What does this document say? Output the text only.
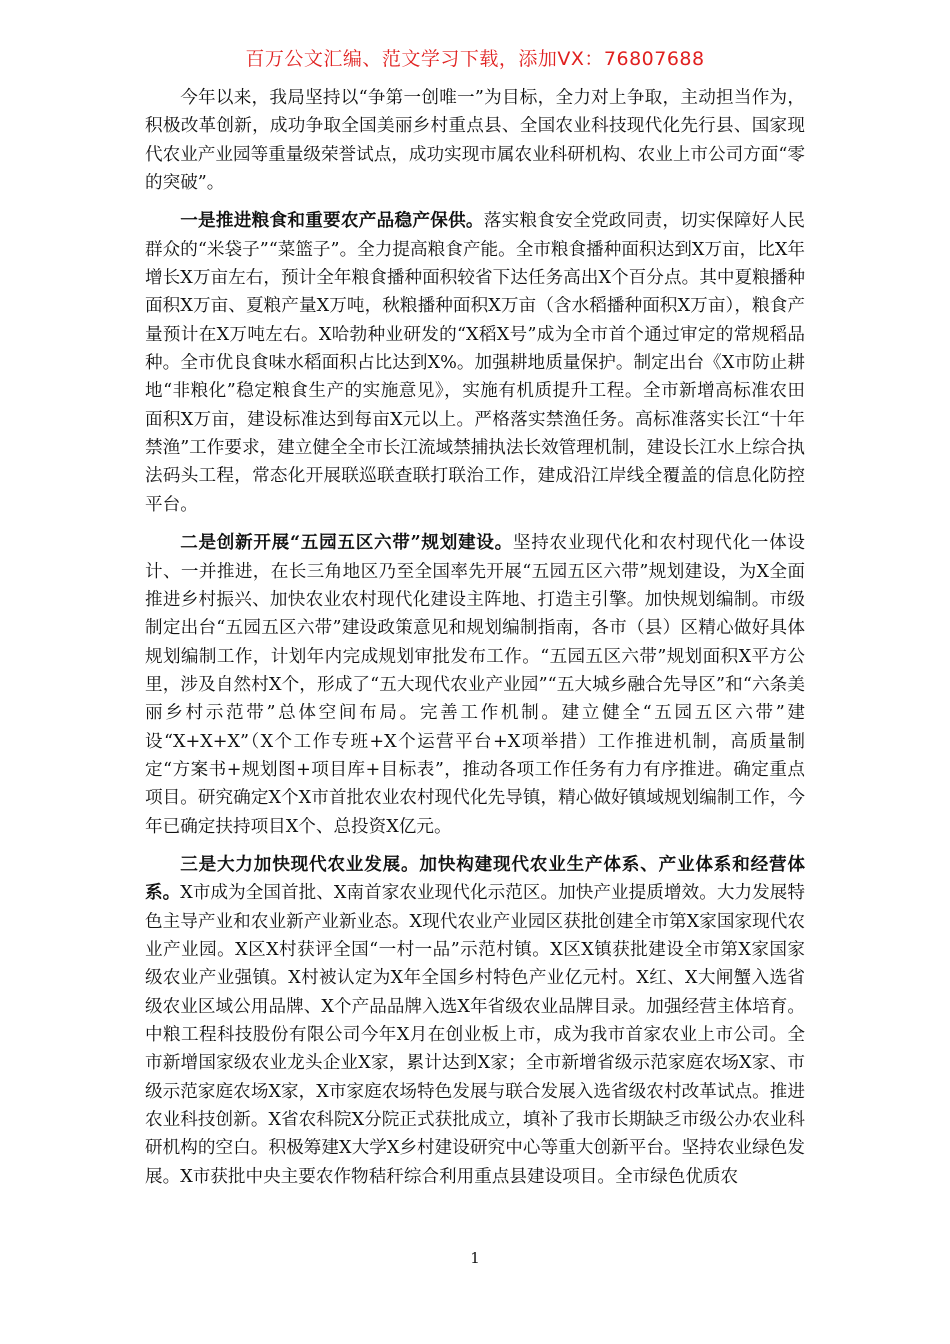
百万公文汇编、范文学习下载，添加VX：76807688

今年以来，我局坚持以“争第一创唯一”为目标，全力对上争取，主动担当作为，积极改革创新，成功争取全国美丽乡村重点县、全国农业科技现代化先行县、国家现代农业产业园等重量级荣誉试点，成功实现市属农业科研机构、农业上市公司方面“零的突破”。

一是推进粮食和重要农产品稳产保供。落实粮食安全党政同责，切实保障好人民群众的“米袋子”“菜篮子”。全力提高粮食产能。全市粮食播种面积达到X万亩，比X年增长X万亩左右，预计全年粮食播种面积较省下达任务高出X个百分点。其中夏粮播种面积X万亩、夏粮产量X万吨，秋粮播种面积X万亩（含水稻播种面积X万亩），粮食产量预计在X万吨左右。X哈勃种业研发的“X稻X号”成为全市首个通过审定的常规稻品种。全市优良食味水稻面积占比达到X%。加强耕地质量保护。制定出台《X市防止耕地“非粮化”稳定粮食生产的实施意见》，实施有机质提升工程。全市新增高标准农田面积X万亩，建设标准达到每亩X元以上。严格落实禁渔任务。高标准落实长江“十年禁渔”工作要求，建立健全全市长江流域禁捕执法长效管理机制，建设长江水上综合执法码头工程，常态化开展联巡联查联打联治工作，建成沿江岸线全覆盖的信息化防控平台。

二是创新开展“五园五区六带”规划建设。坚持农业现代化和农村现代化一体设计、一并推进，在长三角地区乃至全国率先开展“五园五区六带”规划建设，为X全面推进乡村振兴、加快农业农村现代化建设主阵地、打造主引擎。加快规划编制。市级制定出台“五园五区六带”建设政策意见和规划编制指南，各市（县）区精心做好具体规划编制工作，计划年内完成规划审批发布工作。“五园五区六带”规划面积X平方公里，涉及自然村X个，形成了“五大现代农业产业园”“五大城乡融合先导区”和“六条美丽乡村示范带”总体空间布局。完善工作机制。建立健全“五园五区六带”建设“X+X+X”（X个工作专班+X个运营平台+X项举措）工作推进机制，高质量制定“方案书+规划图+项目库+目标表”，推动各项工作任务有力有序推进。确定重点项目。研究确定X个X市首批农业农村现代化先导镇，精心做好镇域规划编制工作，今年已确定扶持项目X个、总投资X亿元。

三是大力加快现代农业发展。加快构建现代农业生产体系、产业体系和经营体系。X市成为全国首批、X南首家农业现代化示范区。加快产业提质增效。大力发展特色主导产业和农业新产业新业态。X现代农业产业园区获批创建全市第X家国家现代农业产业园。X区X村获评全国“一村一品”示范村镇。X区X镇获批建设全市第X家国家级农业产业强镇。X村被认定为X年全国乡村特色产业亿元村。X红、X大闸蟹入选省级农业区域公用品牌、X个产品品牌入选X年省级农业品牌目录。加强经营主体培育。中粮工程科技股份有限公司今年X月在创业板上市，成为我市首家农业上市公司。全市新增国家级农业龙头企业X家，累计达到X家；全市新增省级示范家庭农场X家、市级示范家庭农场X家，X市家庭农场特色发展与联合发展入选省级农村改革试点。推进农业科技创新。X省农科院X分院正式获批成立，填补了我市长期缺乏市级公办农业科研机构的空白。积极筹建X大学X乡村建设研究中心等重大创新平台。坚持农业绿色发展。X市获批中央主要农作物秸秆综合利用重点县建设项目。全市绿色优质农

1
